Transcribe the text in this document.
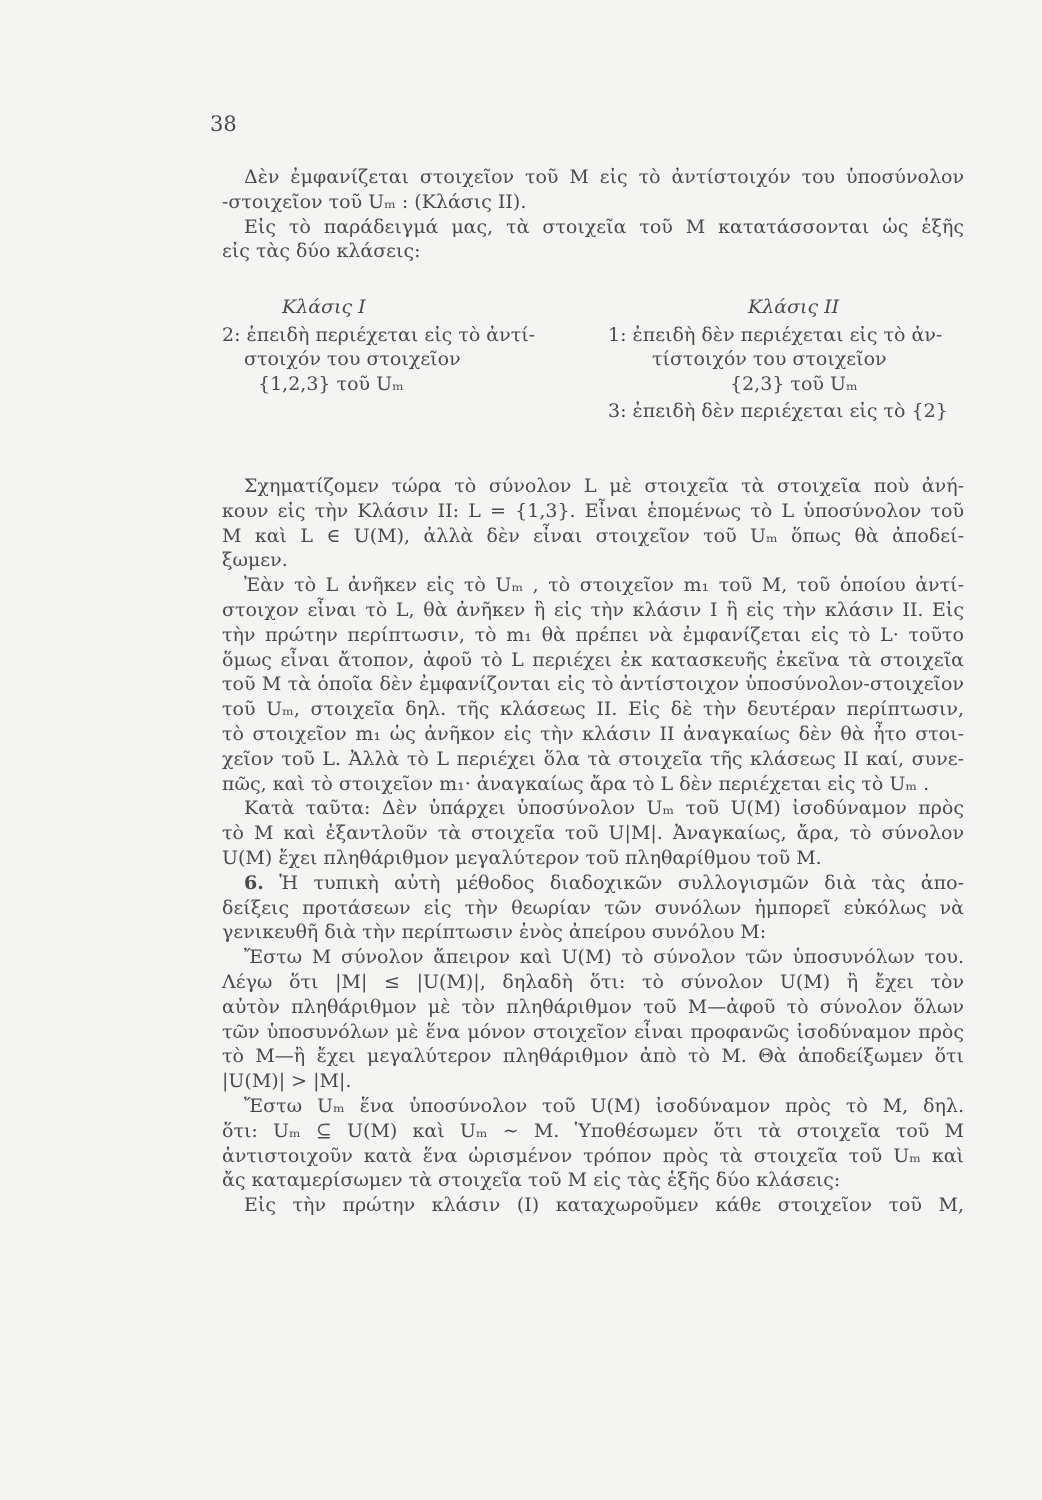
38

Δὲν ἐμφανίζεται στοιχεῖον τοῦ M εἰς τὸ ἀντίστοιχόν του ὑποσύνολον

-στοιχεῖον τοῦ Uₘ : (Κλάσις II).

Εἰς τὸ παράδειγμά μας, τὰ στοιχεῖα τοῦ M κατατάσσονται ὡς ἑξῆς

εἰς τὰς δύο κλάσεις:

Κλάσις I
2: ἐπειδὴ περιέχεται εἰς τὸ ἀντί-
στοιχόν του στοιχεῖον
{1,2,3} τοῦ Uₘ
Κλάσις II
1: ἐπειδὴ δὲν περιέχεται εἰς τὸ ἀν-
τίστοιχόν του στοιχεῖον
{2,3} τοῦ Uₘ
3: ἐπειδὴ δὲν περιέχεται εἰς τὸ {2}

Σχηματίζομεν τώρα τὸ σύνολον L μὲ στοιχεῖα τὰ στοιχεῖα ποὺ ἀνή-

κουν εἰς τὴν Κλάσιν II: L = {1,3}. Εἶναι ἑπομένως τὸ L ὑποσύνολον τοῦ

M καὶ L ∈ U(M), ἀλλὰ δὲν εἶναι στοιχεῖον τοῦ Uₘ ὅπως θὰ ἀποδεί-

ξωμεν.

Ἐὰν τὸ L ἀνῆκεν εἰς τὸ Uₘ , τὸ στοιχεῖον m₁ τοῦ M, τοῦ ὁποίου ἀντί-

στοιχον εἶναι τὸ L, θὰ ἀνῆκεν ἢ εἰς τὴν κλάσιν I ἢ εἰς τὴν κλάσιν II. Εἰς

τὴν πρώτην περίπτωσιν, τὸ m₁ θὰ πρέπει νὰ ἐμφανίζεται εἰς τὸ L· τοῦτο

ὅμως εἶναι ἄτοπον, ἀφοῦ τὸ L περιέχει ἐκ κατασκευῆς ἐκεῖνα τὰ στοιχεῖα

τοῦ M τὰ ὁποῖα δὲν ἐμφανίζονται εἰς τὸ ἀντίστοιχον ὑποσύνολον-στοιχεῖον

τοῦ Uₘ, στοιχεῖα δηλ. τῆς κλάσεως II. Εἰς δὲ τὴν δευτέραν περίπτωσιν,

τὸ στοιχεῖον m₁ ὡς ἀνῆκον εἰς τὴν κλάσιν II ἀναγκαίως δὲν θὰ ἦτο στοι-

χεῖον τοῦ L. Ἀλλὰ τὸ L περιέχει ὅλα τὰ στοιχεῖα τῆς κλάσεως II καί, συνε-

πῶς, καὶ τὸ στοιχεῖον m₁· ἀναγκαίως ἄρα τὸ L δὲν περιέχεται εἰς τὸ Uₘ .

Κατὰ ταῦτα: Δὲν ὑπάρχει ὑποσύνολον Uₘ τοῦ U(M) ἰσοδύναμον πρὸς

τὸ M καὶ ἐξαντλοῦν τὰ στοιχεῖα τοῦ U|M|. Ἀναγκαίως, ἄρα, τὸ σύνολον

U(M) ἔχει πληθάριθμον μεγαλύτερον τοῦ πληθαρίθμου τοῦ M.

6. Ἡ τυπικὴ αὐτὴ μέθοδος διαδοχικῶν συλλογισμῶν διὰ τὰς ἀπο-

δείξεις προτάσεων εἰς τὴν θεωρίαν τῶν συνόλων ἠμπορεῖ εὐκόλως νὰ

γενικευθῆ διὰ τὴν περίπτωσιν ἑνὸς ἀπείρου συνόλου M:

Ἔστω M σύνολον ἄπειρον καὶ U(M) τὸ σύνολον τῶν ὑποσυνόλων του.

Λέγω ὅτι |M| ≤ |U(M)|, δηλαδὴ ὅτι: τὸ σύνολον U(M) ἢ ἔχει τὸν

αὐτὸν πληθάριθμον μὲ τὸν πληθάριθμον τοῦ M—ἀφοῦ τὸ σύνολον ὅλων

τῶν ὑποσυνόλων μὲ ἕνα μόνον στοιχεῖον εἶναι προφανῶς ἰσοδύναμον πρὸς

τὸ M—ἢ ἔχει μεγαλύτερον πληθάριθμον ἀπὸ τὸ M. Θὰ ἀποδείξωμεν ὅτι

|U(M)| > |M|.

Ἔστω Uₘ ἕνα ὑποσύνολον τοῦ U(M) ἰσοδύναμον πρὸς τὸ M, δηλ.

ὅτι: Uₘ ⊆ U(M) καὶ Uₘ ∼ M. Ὑποθέσωμεν ὅτι τὰ στοιχεῖα τοῦ M

ἀντιστοιχοῦν κατὰ ἕνα ὡρισμένον τρόπον πρὸς τὰ στοιχεῖα τοῦ Uₘ καὶ

ἄς καταμερίσωμεν τὰ στοιχεῖα τοῦ M εἰς τὰς ἑξῆς δύο κλάσεις:

Εἰς τὴν πρώτην κλάσιν (I) καταχωροῦμεν κάθε στοιχεῖον τοῦ M,
